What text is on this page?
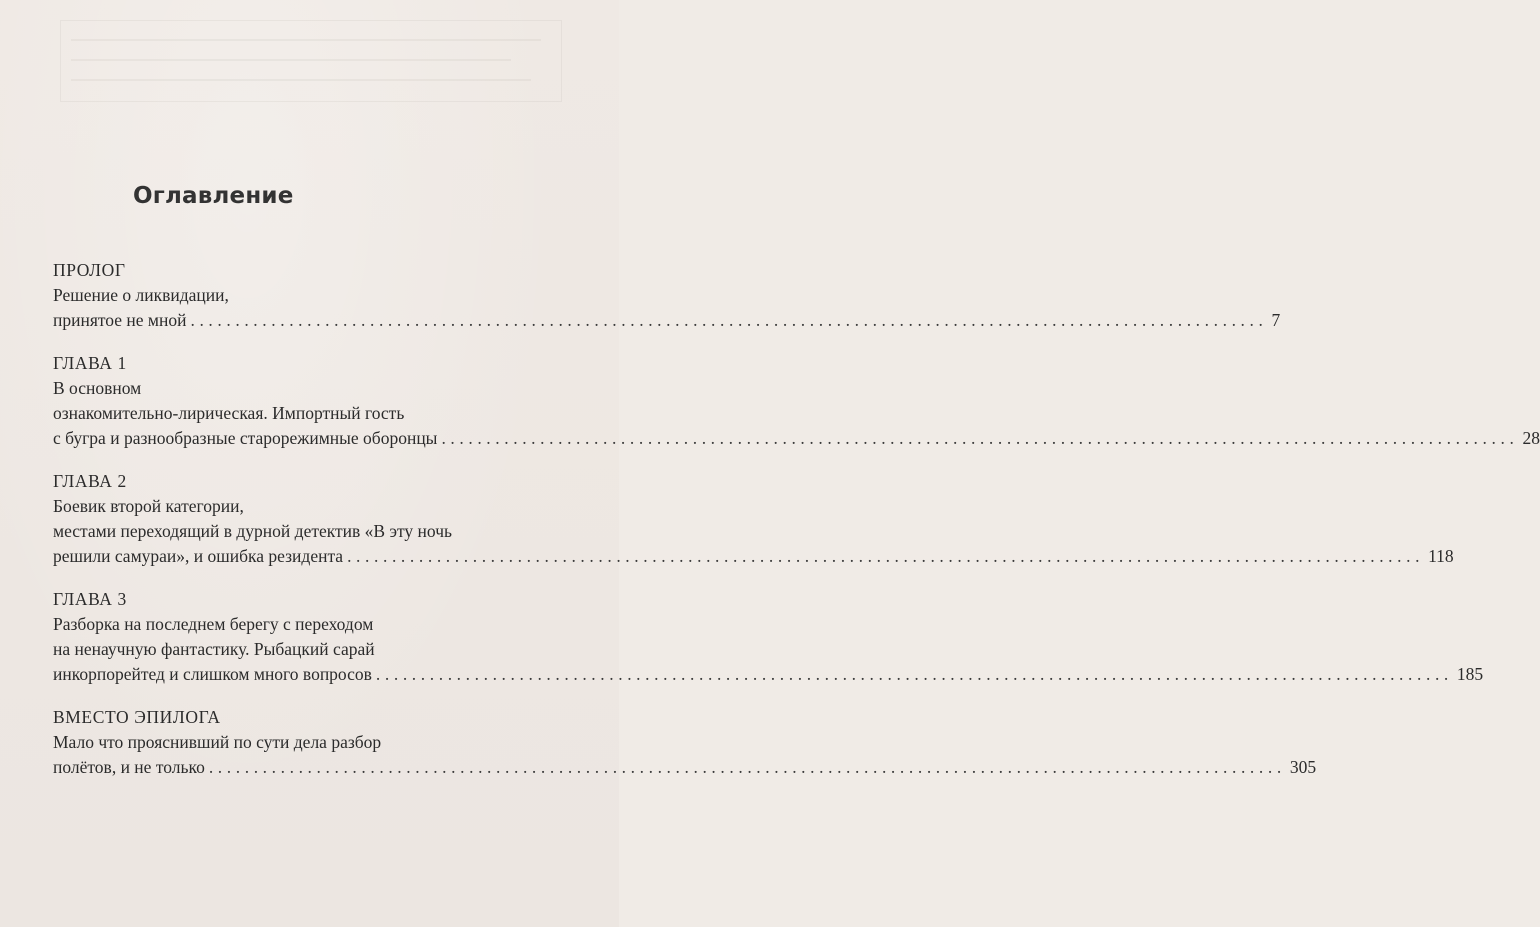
Оглавление
ПРОЛОГ
Решение о ликвидации,
принятое не мной ........................................................................................................................ 7
ГЛАВА 1
В основном
ознакомительно-лирическая. Импортный гость
с бугра и разнообразные старорежимные оборонцы ........................................................................................................................ 28
ГЛАВА 2
Боевик второй категории,
местами переходящий в дурной детектив «В эту ночь
решили самураи», и ошибка резидента ........................................................................................................................ 118
ГЛАВА 3
Разборка на последнем берегу с переходом
на ненаучную фантастику. Рыбацкий сарай
инкорпорейтед и слишком много вопросов ........................................................................................................................ 185
ВМЕСТО ЭПИЛОГА
Мало что прояснивший по сути дела разбор
полётов, и не только ........................................................................................................................ 305
